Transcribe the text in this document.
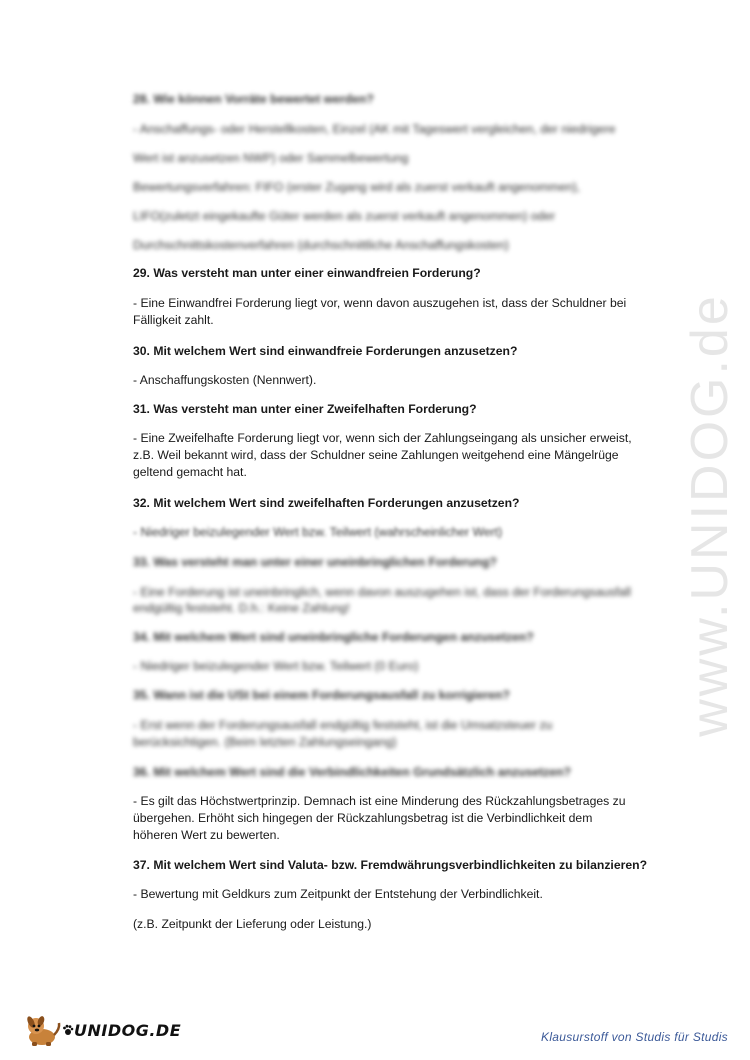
www.UNIDOG.de

28. Wie können Vorräte bewertet werden?

- Anschaffungs- oder Herstellkosten, Einzel (AK mit Tageswert vergleichen, der niedrigere

Wert ist anzusetzen NWP) oder Sammelbewertung

Bewertungsverfahren: FIFO (erster Zugang wird als zuerst verkauft angenommen),

LIFO(zuletzt eingekaufte Güter werden als zuerst verkauft angenommen) oder

Durchschnittskostenverfahren (durchschnittliche Anschaffungskosten)

29. Was versteht man unter einer einwandfreien Forderung?

- Eine Einwandfrei Forderung liegt vor, wenn davon auszugehen ist, dass der Schuldner bei

Fälligkeit zahlt.

30. Mit welchem Wert sind einwandfreie Forderungen anzusetzen?

- Anschaffungskosten (Nennwert).

31. Was versteht man unter einer Zweifelhaften Forderung?

- Eine Zweifelhafte Forderung liegt vor, wenn sich der Zahlungseingang als unsicher erweist,

z.B. Weil bekannt wird, dass der Schuldner seine Zahlungen weitgehend eine Mängelrüge

geltend gemacht hat.

32. Mit welchem Wert sind zweifelhaften Forderungen anzusetzen?

- Niedriger beizulegender Wert bzw. Teilwert (wahrscheinlicher Wert)

33. Was versteht man unter einer uneinbringlichen Forderung?

- Eine Forderung ist uneinbringlich, wenn davon auszugehen ist, dass der Forderungsausfall

endgültig feststeht. D.h.: Keine Zahlung!

34. Mit welchem Wert sind uneinbringliche Forderungen anzusetzen?

- Niedriger beizulegender Wert bzw. Teilwert (0 Euro)

35. Wann ist die USt bei einem Forderungsausfall zu korrigieren?

- Erst wenn der Forderungsausfall endgültig feststeht, ist die Umsatzsteuer zu

berücksichtigen. (Beim letzten Zahlungseingang)

36. Mit welchem Wert sind die Verbindlichkeiten Grundsätzlich anzusetzen?

- Es gilt das Höchstwertprinzip. Demnach ist eine Minderung des Rückzahlungsbetrages zu

übergehen. Erhöht sich hingegen der Rückzahlungsbetrag ist die Verbindlichkeit dem

höheren Wert zu bewerten.

37. Mit welchem Wert sind Valuta- bzw. Fremdwährungsverbindlichkeiten zu bilanzieren?

- Bewertung mit Geldkurs zum Zeitpunkt der Entstehung der Verbindlichkeit.

(z.B. Zeitpunkt der Lieferung oder Leistung.)

UNIDOG.DE	Klausurstoff von Studis für Studis
